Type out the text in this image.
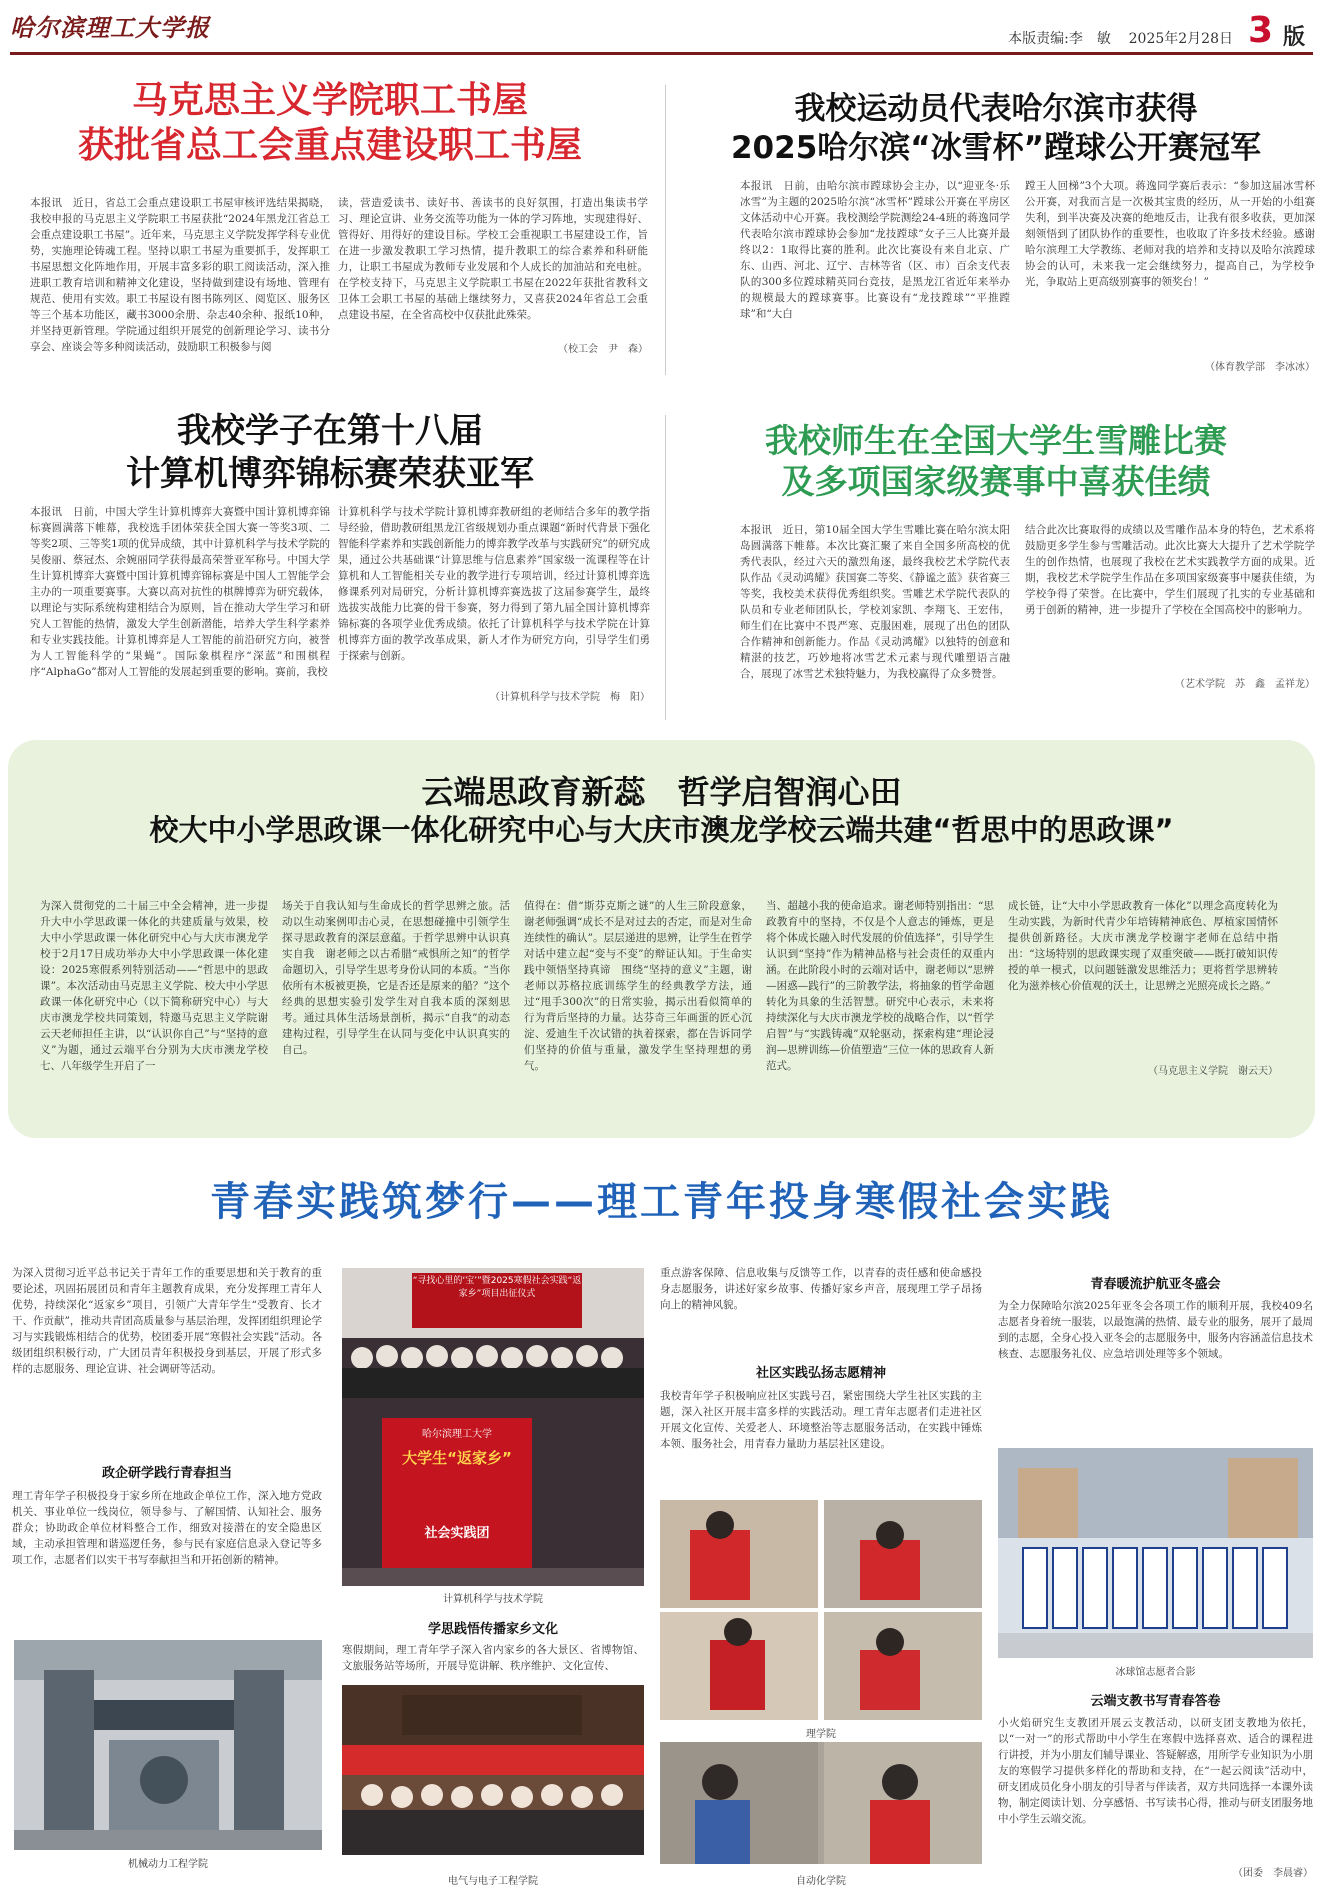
哈尔滨理工大学报	本版责编:李　敏 2025年2月28日 3 版
马克思主义学院职工书屋
获批省总工会重点建设职工书屋
本报讯　近日，省总工会重点建设职工书屋审核评选结果揭晓，我校申报的马克思主义学院职工书屋获批“2024年黑龙江省总工会重点建设职工书屋”。近年来，马克思主义学院发挥学科专业优势，实施理论铸魂工程。坚持以职工书屋为重要抓手，发挥职工书屋思想文化阵地作用，开展丰富多彩的职工阅读活动，深入推进职工教育培训和精神文化建设，坚持做到建设有场地、管理有规范、使用有实效。职工书屋设有图书陈列区、阅览区、服务区等三个基本功能区，藏书3000余册、杂志40余种、报纸10种，并坚持更新管理。学院通过组织开展党的创新理论学习、读书分享会、座谈会等多种阅读活动，鼓励职工积极参与阅
读，营造爱读书、读好书、善读书的良好氛围，打造出集读书学习、理论宣讲、业务交流等功能为一体的学习阵地，实现建得好、管得好、用得好的建设目标。学校工会重视职工书屋建设工作，旨在进一步激发教职工学习热情，提升教职工的综合素养和科研能力，让职工书屋成为教师专业发展和个人成长的加油站和充电桩。在学校支持下，马克思主义学院职工书屋在2022年获批省教科文卫体工会职工书屋的基础上继续努力，又喜获2024年省总工会重点建设书屋，在全省高校中仅获批此殊荣。
（校工会　尹　森）
我校运动员代表哈尔滨市获得
2025哈尔滨“冰雪杯”蹚球公开赛冠军
本报讯　日前，由哈尔滨市蹚球协会主办，以“迎亚冬·乐冰雪”为主题的2025哈尔滨“冰雪杯”蹚球公开赛在平房区文体活动中心开赛。我校测绘学院测绘24-4班的蒋逸同学代表哈尔滨市蹚球协会参加“龙技蹚球”女子三人比赛并最终以2：1取得比赛的胜利。此次比赛设有来自北京、广东、山西、河北、辽宁、吉林等省（区、市）百余支代表队的300多位蹚球精英同台竞技，是黑龙江省近年来举办的规模最大的蹚球赛事。比赛设有“龙技蹚球”“平推蹚球”和“大白
蹚王人回梯”3个大项。蒋逸同学赛后表示：“参加这届冰雪杯公开赛，对我而言是一次极其宝贵的经历，从一开始的小组赛失利，到半决赛及决赛的绝地反击，让我有很多收获，更加深刻领悟到了团队协作的重要性，也收取了许多技术经验。感谢哈尔滨理工大学教练、老师对我的培养和支持以及哈尔滨蹚球协会的认可，未来我一定会继续努力，提高自己，为学校争光，争取站上更高级别赛事的领奖台！”
（体育教学部　李冰冰）
我校学子在第十八届
计算机博弈锦标赛荣获亚军
本报讯　日前，中国大学生计算机博弈大赛暨中国计算机博弈锦标赛圆满落下帷幕，我校选手团体荣获全国大赛一等奖3项、二等奖2项、三等奖1项的优异成绩，其中计算机科学与技术学院的吴俊丽、蔡冠杰、余婉丽同学获得最高荣誉亚军称号。中国大学生计算机博弈大赛暨中国计算机博弈锦标赛是中国人工智能学会主办的一项重要赛事。大赛以高对抗性的棋牌博弈为研究载体，以理论与实际系统构建相结合为原则，旨在推动大学生学习和研究人工智能的热情，激发大学生创新潜能，培养大学生科学素养和专业实践技能。计算机博弈是人工智能的前沿研究方向，被誉为人工智能科学的“果蝇”。国际象棋程序“深蓝”和围棋程序“AlphaGo”都对人工智能的发展起到重要的影响。赛前，我校
计算机科学与技术学院计算机博弈教研组的老师结合多年的教学指导经验，借助教研组黑龙江省级规划办重点课题“新时代背景下强化智能科学素养和实践创新能力的博弈教学改革与实践研究”的研究成果，通过公共基础课“计算思维与信息素养”国家级一流课程等在计算机和人工智能相关专业的教学进行专项培训，经过计算机博弈选修课系列对局研究，分析计算机博弈赛选拔了这届参赛学生，最终选拔实战能力比赛的骨干参赛，努力得到了第九届全国计算机博弈锦标赛的各项学业优秀成绩。依托了计算机科学与技术学院在计算机博弈方面的教学改革成果，新人才作为研究方向，引导学生们勇于探索与创新。
（计算机科学与技术学院　梅　阳）
我校师生在全国大学生雪雕比赛
及多项国家级赛事中喜获佳绩
本报讯　近日，第10届全国大学生雪雕比赛在哈尔滨太阳岛圆满落下帷幕。本次比赛汇聚了来自全国多所高校的优秀代表队，经过六天的激烈角逐，最终我校艺术学院代表队作品《灵动鸿耀》获国赛二等奖、《静谧之蓝》获省赛三等奖，我校美术获得优秀组织奖。雪雕艺术学院代表队的队员和专业老师团队长，学校刘家凯、李翔飞、王宏伟，师生们在比赛中不畏严寒、克服困难，展现了出色的团队合作精神和创新能力。作品《灵动鸿耀》以独特的创意和精湛的技艺，巧妙地将冰雪艺术元素与现代雕塑语言融合，展现了冰雪艺术独特魅力，为我校赢得了众多赞誉。
结合此次比赛取得的成绩以及雪雕作品本身的特色，艺术系将鼓励更多学生参与雪雕活动。此次比赛大大提升了艺术学院学生的创作热情，也展现了我校在艺术实践教学方面的成果。近期，我校艺术学院学生作品在多项国家级赛事中屡获佳绩，为学校争得了荣誉。在比赛中，学生们展现了扎实的专业基础和勇于创新的精神，进一步提升了学校在全国高校中的影响力。
（艺术学院　苏　鑫　孟祥龙）
云端思政育新蕊　哲学启智润心田
校大中小学思政课一体化研究中心与大庆市澳龙学校云端共建“哲思中的思政课”
为深入贯彻党的二十届三中全会精神，进一步提升大中小学思政课一体化的共建质量与效果，校大中小学思政课一体化研究中心与大庆市澳龙学校于2月17日成功举办大中小学思政课一体化建设：2025寒假系列特别活动——“哲思中的思政课”。本次活动由马克思主义学院、校大中小学思政课一体化研究中心（以下简称研究中心）与大庆市澳龙学校共同策划，特邀马克思主义学院谢云天老师担任主讲，以“认识你自己”与“坚持的意义”为题，通过云端平台分别为大庆市澳龙学校七、八年级学生开启了一
场关于自我认知与生命成长的哲学思辨之旅。活动以生动案例叩击心灵，在思想碰撞中引领学生探寻思政教育的深层意蕴。于哲学思辨中认识真实自我　谢老师之以古希腊“戒惧所之知”的哲学命题切入，引导学生思考身份认同的本质。“当你依所有木板被更换，它是否还是原来的船？”这个经典的思想实验引发学生对自我本质的深刻思考。通过具体生活场景剖析，揭示“自我”的动态建构过程，引导学生在认同与变化中认识真实的自己。
值得在：借“斯芬克斯之谜”的人生三阶段意象，谢老师强调“成长不是对过去的否定，而是对生命连续性的确认”。层层递进的思辨，让学生在哲学对话中建立起“变与不变”的辩证认知。于生命实践中领悟坚持真谛　围绕“坚持的意义”主题，谢老师以苏格拉底训练学生的经典教学方法，通过“甩手300次”的日常实验，揭示出看似简单的行为背后坚持的力量。达芬奇三年画蛋的匠心沉淀、爱迪生千次试错的执着探索，都在告诉同学们坚持的价值与重量，激发学生坚持理想的勇气。
当、超越小我的使命追求。谢老师特别指出：“思政教育中的坚持，不仅是个人意志的锤炼，更是将个体成长融入时代发展的价值选择”，引导学生认识到“坚持”作为精神品格与社会责任的双重内涵。在此阶段小时的云端对话中，谢老师以“思辨—困惑—践行”的三阶教学法，将抽象的哲学命题转化为具象的生活智慧。研究中心表示，未来将持续深化与大庆市澳龙学校的战略合作，以“哲学启智”与“实践铸魂”双轮驱动，探索构建“理论浸润—思辨训练—价值塑造”三位一体的思政育人新范式。
成长链，让“大中小学思政教育一体化”以理念高度转化为生动实践，为新时代青少年培铸精神底色、厚植家国情怀提供创新路径。大庆市澳龙学校谢宇老师在总结中指出：“这场特别的思政课实现了双重突破——既打破知识传授的单一模式，以问题链激发思维活力；更将哲学思辨转化为滋养核心价值观的沃土，让思辨之光照亮成长之路。”
（马克思主义学院　谢云天）
青春实践筑梦行——理工青年投身寒假社会实践
为深入贯彻习近平总书记关于青年工作的重要思想和关于教育的重要论述，巩固拓展团员和青年主题教育成果，充分发挥理工青年人优势，持续深化“返家乡”项目，引领广大青年学生“受教育、长才干、作贡献”，推动共青团高质量参与基层治理，发挥团组织理论学习与实践锻炼相结合的优势，校团委开展“寒假社会实践”活动。各级团组织积极行动，广大团员青年积极投身到基层，开展了形式多样的志愿服务、理论宣讲、社会调研等活动。
政企研学践行青春担当
理工青年学子积极投身于家乡所在地政企单位工作，深入地方党政机关、事业单位一线岗位，领导参与、了解国情、认知社会、服务群众；协助政企单位材料整合工作，细致对接潜在的安全隐患区域，主动承担管理和谐巡逻任务，参与民有家庭信息录入登记等多项工作，志愿者们以实干书写奉献担当和开拓创新的精神。
机械动力工程学院
“寻找心里的‘宝’”暨2025寒假社会实践“返家乡”项目出征仪式
哈尔滨理工大学
大学生“返家乡”
社会实践团
计算机科学与技术学院
学思践悟传播家乡文化
寒假期间，理工青年学子深入省内家乡的各大景区、省博物馆、文旅服务站等场所，开展导览讲解、秩序维护、文化宣传、
电气与电子工程学院
重点游客保障、信息收集与反馈等工作，以青春的责任感和使命感投身志愿服务，讲述好家乡故事、传播好家乡声音，展现理工学子昂扬向上的精神风貌。
社区实践弘扬志愿精神
我校青年学子积极响应社区实践号召，紧密围绕大学生社区实践的主题，深入社区开展丰富多样的实践活动。理工青年志愿者们走进社区开展文化宣传、关爱老人、环境整治等志愿服务活动，在实践中锤炼本领、服务社会，用青春力量助力基层社区建设。
理学院
自动化学院
青春暖流护航亚冬盛会
为全力保障哈尔滨2025年亚冬会各项工作的顺利开展，我校409名志愿者身着统一服装，以最饱满的热情、最专业的服务，展开了最周到的志愿，全身心投入亚冬会的志愿服务中，服务内容涵盖信息技术核查、志愿服务礼仪、应急培训处理等多个领域。
冰球馆志愿者合影
云端支教书写青春答卷
小火焰研究生支教团开展云支教活动，以研支团支教地为依托，以“一对一”的形式帮助中小学生在寒假中选择喜欢、适合的课程进行讲授，并为小朋友们辅导课业、答疑解惑，用所学专业知识为小朋友的寒假学习提供多样化的帮助和支持，在“一起云阅读”活动中，研支团成员化身小朋友的引导者与伴读者，双方共同选择一本课外读物，制定阅读计划、分享感悟、书写读书心得，推动与研支团服务地中小学生云端交流。
（团委　李晨睿）
